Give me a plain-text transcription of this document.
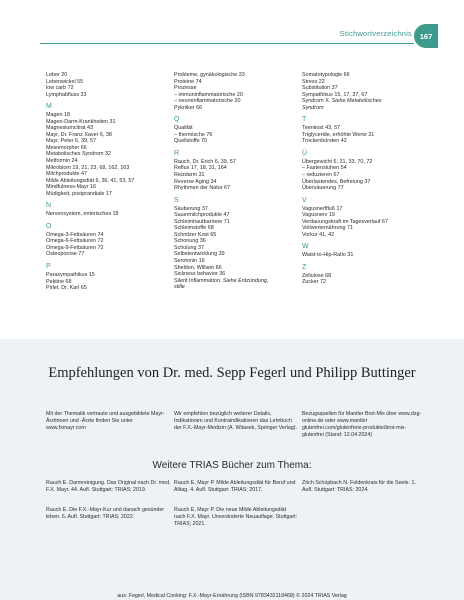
Stichwortverzeichnis	167
Leber 20
Lebenwickel 55
low carb 72
Lymphabfluss 33
M
Magen 18
Magen-Darm-Krankheiten 31
Magnesiumcitrat 43
Mayr, Dr. Franz Xaver 6, 38
Mayr, Peter 6, 39, 57
Mesomorpher 66
Metabolisches Syndrom 32
Metformin 24
Mikrobiom 19, 21, 23, 68, 162, 163
Milchprodukte 47
Milde Ableitungsdiät 6, 36, 41, 53, 57
Mindfulness-Mayr 16
Müdigkeit, postprandiale 17
N
Nervensystem, enterisches 18
O
Omega-3-Fettsäuren 74
Omega-6-Fettsäuren 72
Omega-9-Fettsäuren 72
Osteoporose 77
P
Parasympathikus 15
Pektine 68
Pirlet, Dr. Karl 65
Probleme, gynäkologische 33
Proteine 74
Prozesse
– immuninflammatorische 20
– neuroinflammatorische 20
Pykniker 66
Q
Qualität
– thermische 76
Quellstoffe 70
R
Rauch, Dr. Erich 6, 39, 57
Reflux 17, 18, 31, 164
Reizdarm 31
Reverse Aging 34
Rhythmen der Natur 67
S
Säuberung 37
Sauermilchprodukte 47
Schleimhautbarriere 71
Schleimstoffe 68
Schnitzer Kost 65
Schonung 36
Schulung 37
Selbstentwicklung 39
Serotonin 19
Sheldon, William 66
Sickness behavior 36
Silent Inflammation. Siehe Entzündung,
stille
Somatotypologie 66
Stress 22
Substitution 37
Sympathikus 15, 17, 37, 67
Syndrom X. Siehe Metabolisches
Syndrom
T
Teenkost 43, 57
Triglyceride, erhöhte Werte 31
Trockenbürsten 42
Ü
Übergewicht 6, 31, 33, 70, 72
– Fastenstuhen 54
– reduzieren 67
Überlastendes, Befreiung 37
Übersäuerung 77
V
Vagusnerffluß 17
Vagusnerv 19
Verdauungskraft im Tagesverlauf 67
Vollwerternährung 71
Vorkur 41, 42
W
Waist-to-Hip-Ratio 31
Z
Zellulose 68
Zucker 72
Empfehlungen von Dr. med. Sepp Fegerl und Philipp Buttinger
Mit der Thematik vertraute und ausgebildete Mayr-Ärztinnen und -Ärzte finden Sie unter www.fxmayr.com
Wir empfehlen bezüglich weiterer Details, Indikationen und Kontraindikationen das Lehrbuch der F.X.-Mayr-Medizin (A. Witasek, Springer Verlag).
Bezugsquellen für Mantler Brot-Mix über www.dzg-online.de oder www.mantler glutenfrei.com/glutenfreie-produkte/brot-mix-glutenfrei (Stand: 12.04.2024)
Weitere TRIAS Bücher zum Thema:
Rauch E. Darmreinigung. Das Original nach Dr. med. F.X. Mayr. 44. Aufl. Stuttgart: TRIAS; 2019.
Rauch E, Mayr P. Milde Ableitungsdiät für Beruf und Alltag. 4. Aufl. Stuttgart: TRIAS; 2017.
Zöch Schüpbach N. Feldenkrais für die Seele. 1. Aufl. Stuttgart: TRIAS; 2024.
Rauch E. Die F.X.-Mayr-Kur und danach gesünder leben. 6. Aufl. Stuttgart: TRIAS; 2022.
Rauch E, Mayr P. Die neue Milde Ableitungsdiät nach F.X. Mayr. Unveränderte Neuauflage. Stuttgart: TRIAS; 2021.
aus: Fegerl, Medical Cooking: F.X.-Mayr-Ernährung (ISBN 9783432118468) © 2024 TRIAS Verlag
